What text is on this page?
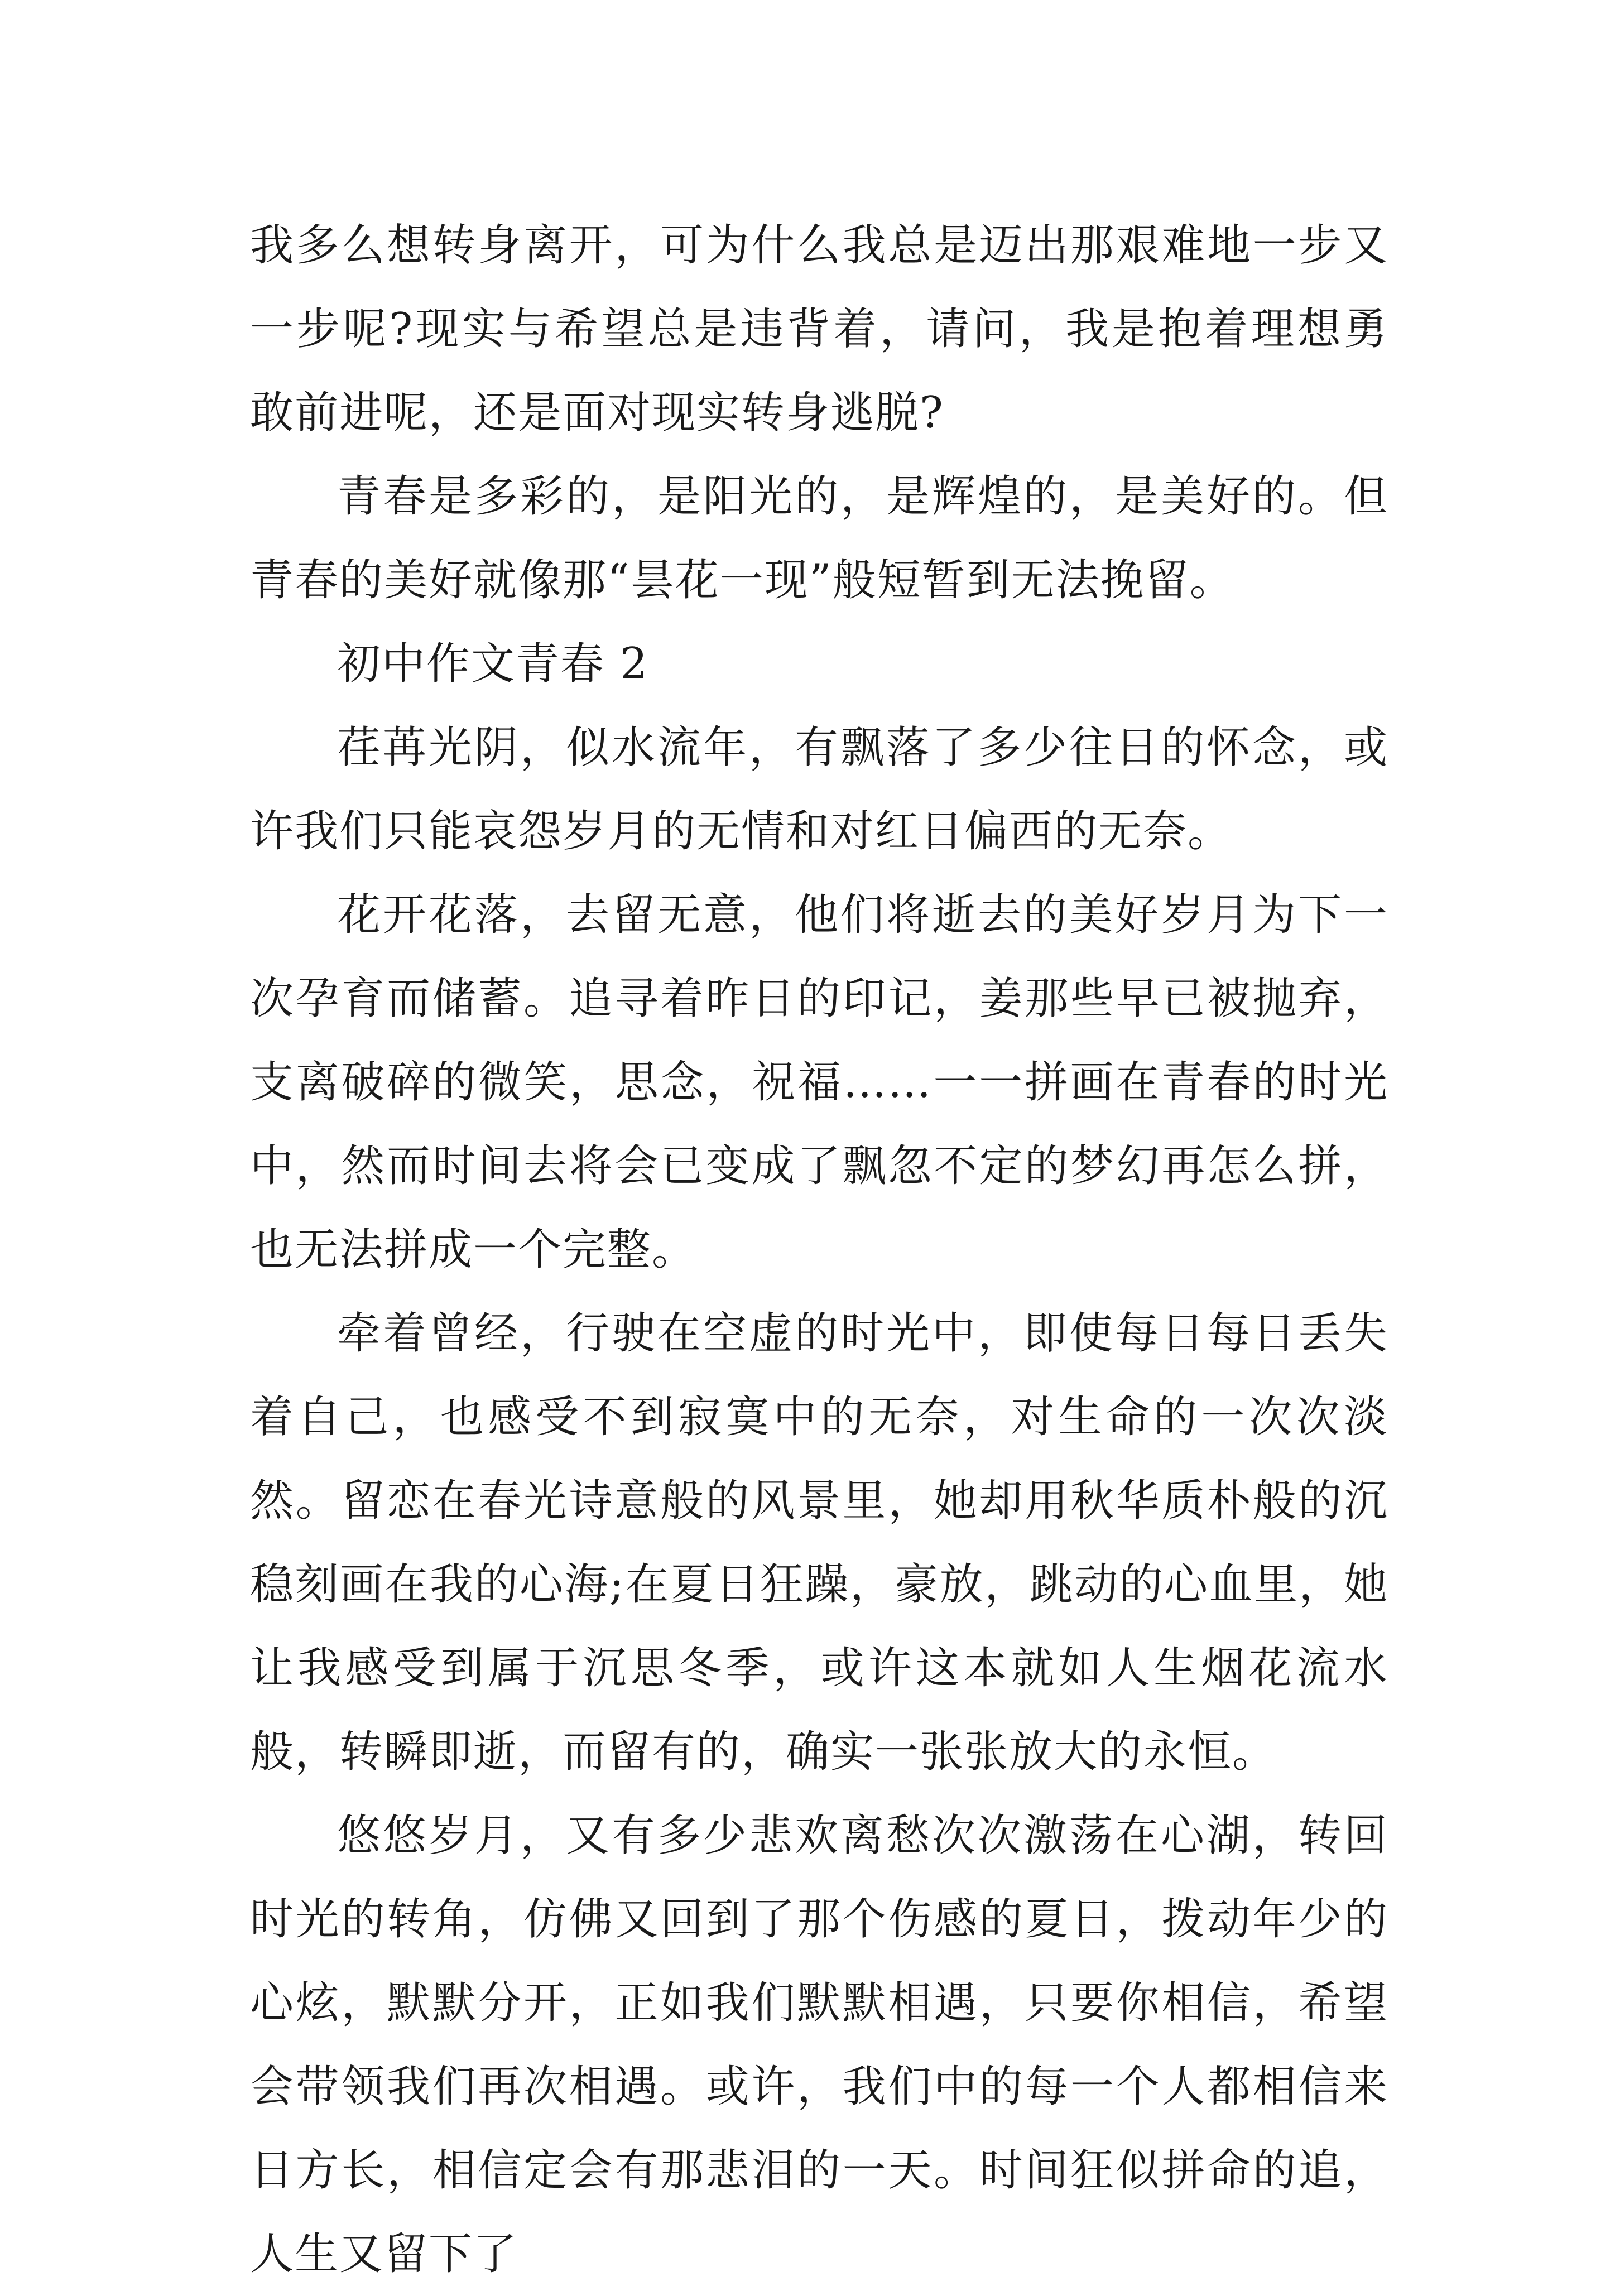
我多么想转身离开，可为什么我总是迈出那艰难地一步又一步呢?现实与希望总是违背着，请问，我是抱着理想勇敢前进呢，还是面对现实转身逃脱?

青春是多彩的，是阳光的，是辉煌的，是美好的。但青春的美好就像那“昙花一现”般短暂到无法挽留。

初中作文青春 2

荏苒光阴，似水流年，有飘落了多少往日的怀念，或许我们只能哀怨岁月的无情和对红日偏西的无奈。

花开花落，去留无意，他们将逝去的美好岁月为下一次孕育而储蓄。追寻着昨日的印记，姜那些早已被抛弃，支离破碎的微笑，思念，祝福……一一拼画在青春的时光中，然而时间去将会已变成了飘忽不定的梦幻再怎么拼，也无法拼成一个完整。

牵着曾经，行驶在空虚的时光中，即使每日每日丢失着自己，也感受不到寂寞中的无奈，对生命的一次次淡然。留恋在春光诗意般的风景里，她却用秋华质朴般的沉稳刻画在我的心海;在夏日狂躁，豪放，跳动的心血里，她让我感受到属于沉思冬季，或许这本就如人生烟花流水般，转瞬即逝，而留有的，确实一张张放大的永恒。

悠悠岁月，又有多少悲欢离愁次次激荡在心湖，转回时光的转角，仿佛又回到了那个伤感的夏日，拨动年少的心炫，默默分开，正如我们默默相遇，只要你相信，希望会带领我们再次相遇。或许，我们中的每一个人都相信来日方长，相信定会有那悲泪的一天。时间狂似拼命的追，人生又留下了
